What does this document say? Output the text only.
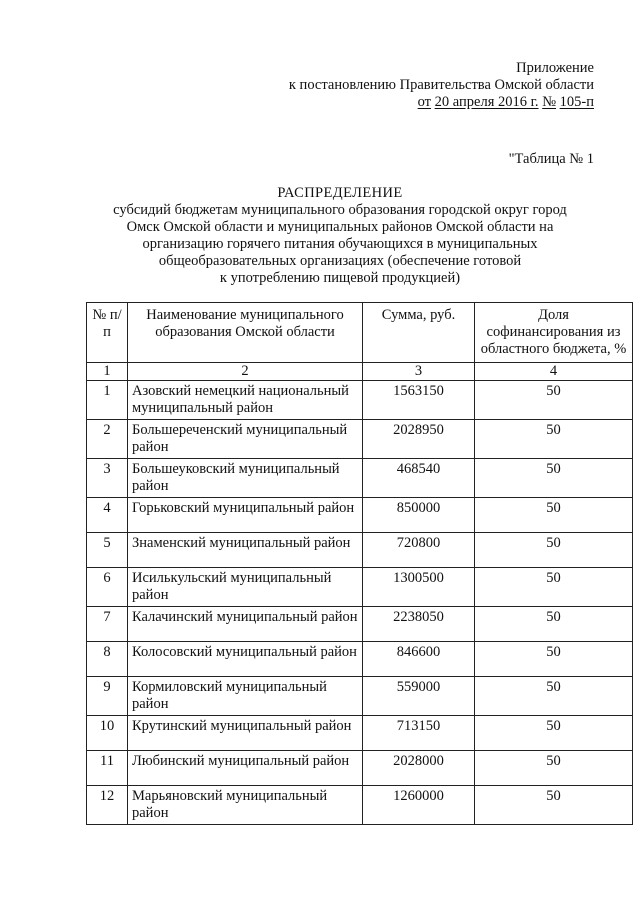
Приложение
к постановлению Правительства Омской области
от 20 апреля 2016 г. № 105-п
"Таблица № 1
РАСПРЕДЕЛЕНИЕ
субсидий бюджетам муниципального образования городской округ город
Омск Омской области и муниципальных районов Омской области на
организацию горячего питания обучающихся в муниципальных
общеобразовательных организациях (обеспечение готовой
к употреблению пищевой продукцией)
№ п/п	Наименование муниципального образования Омской области	Сумма, руб.	Доля софинансирования из областного бюджета, %
1	2	3	4
1	Азовский немецкий национальный муниципальный район	1563150	50
2	Большереченский муниципальный район	2028950	50
3	Большеуковский муниципальный район	468540	50
4	Горьковский муниципальный район	850000	50
5	Знаменский муниципальный район	720800	50
6	Исилькульский муниципальный район	1300500	50
7	Калачинский муниципальный район	2238050	50
8	Колосовский муниципальный район	846600	50
9	Кормиловский муниципальный район	559000	50
10	Крутинский муниципальный район	713150	50
11	Любинский муниципальный район	2028000	50
12	Марьяновский муниципальный район	1260000	50
